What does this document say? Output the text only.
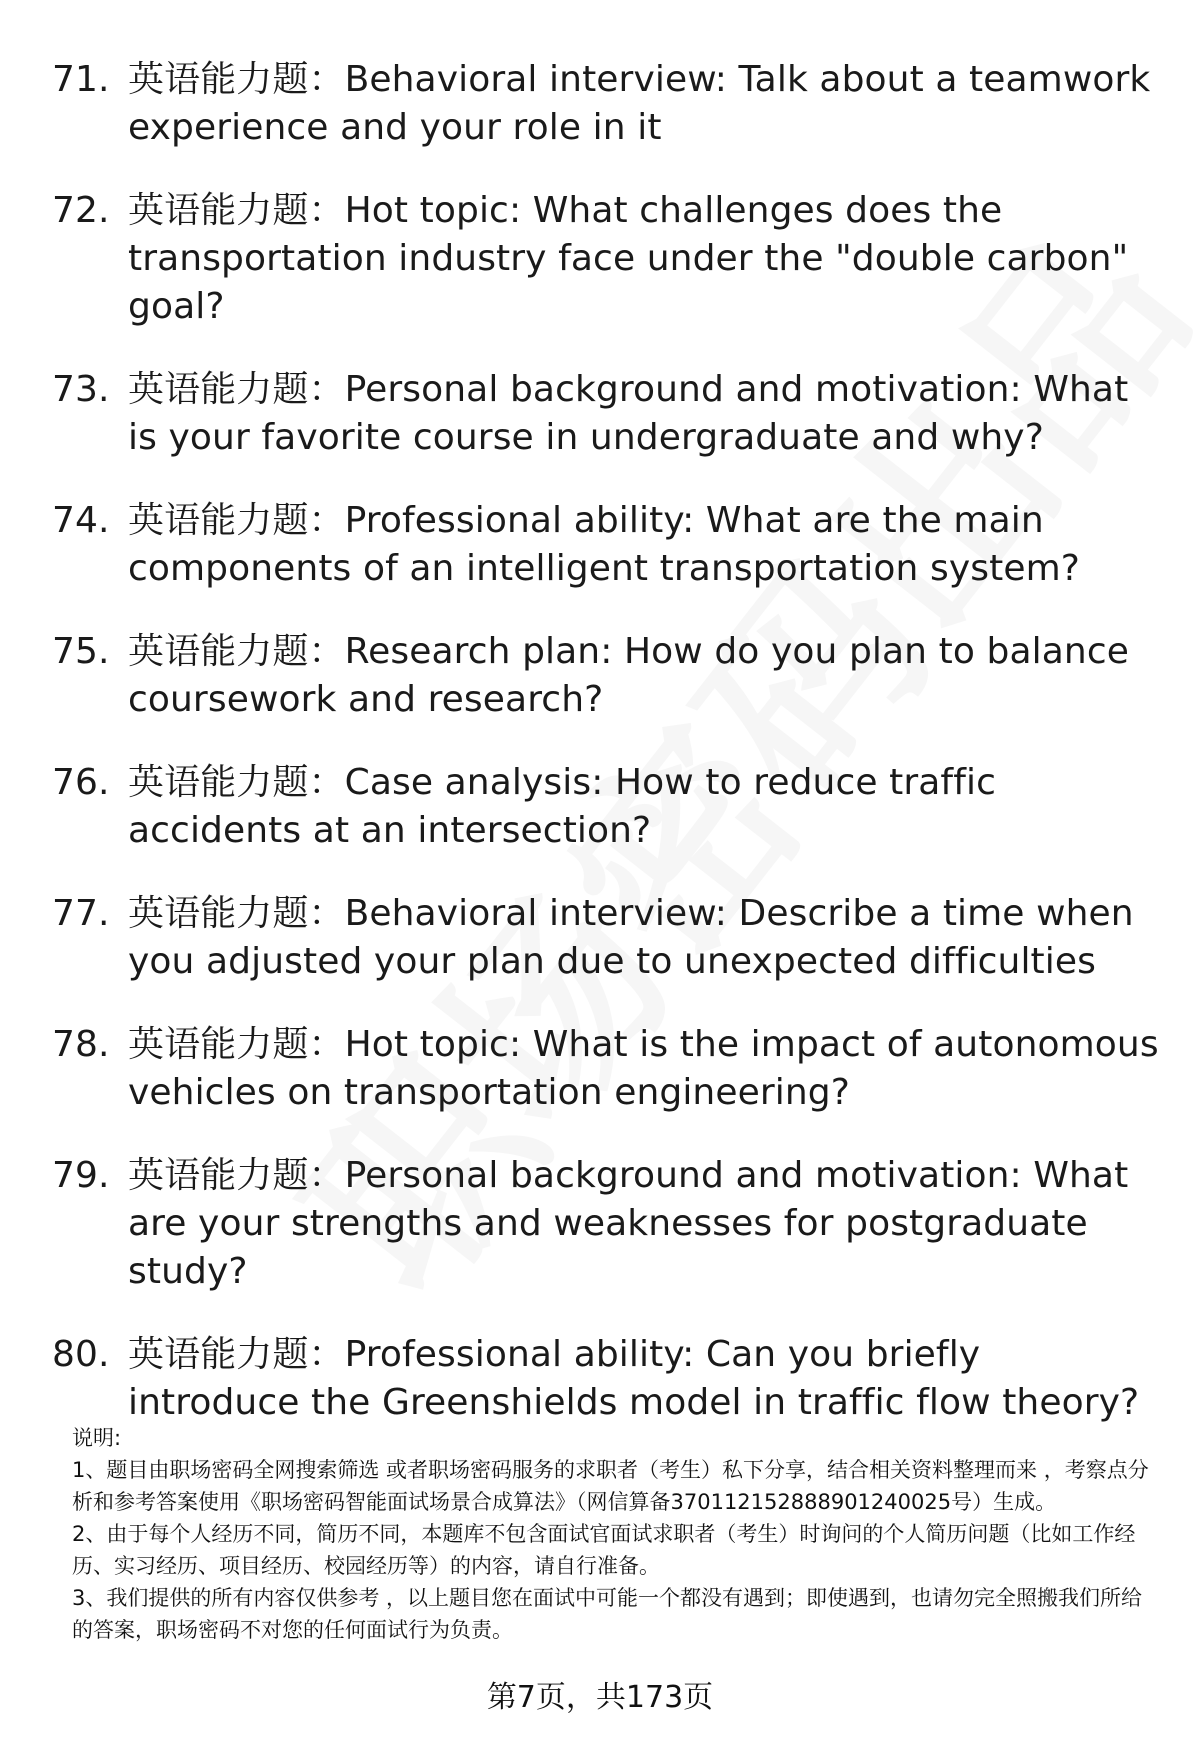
71. 英语能力题：Behavioral interview: Talk about a teamwork experience and your role in it
72. 英语能力题：Hot topic: What challenges does the transportation industry face under the "double carbon" goal?
73. 英语能力题：Personal background and motivation: What is your favorite course in undergraduate and why?
74. 英语能力题：Professional ability: What are the main components of an intelligent transportation system?
75. 英语能力题：Research plan: How do you plan to balance coursework and research?
76. 英语能力题：Case analysis: How to reduce traffic accidents at an intersection?
77. 英语能力题：Behavioral interview: Describe a time when you adjusted your plan due to unexpected difficulties
78. 英语能力题：Hot topic: What is the impact of autonomous vehicles on transportation engineering?
79. 英语能力题：Personal background and motivation: What are your strengths and weaknesses for postgraduate study?
80. 英语能力题：Professional ability: Can you briefly introduce the Greenshields model in traffic flow theory?

说明:

1、题目由职场密码全网搜索筛选 或者职场密码服务的求职者（考生）私下分享，结合相关资料整理而来 ，考察点分析和参考答案使用《职场密码智能面试场景合成算法》（网信算备370112152888901240025号）生成。

2、由于每个人经历不同，简历不同，本题库不包含面试官面试求职者（考生）时询问的个人简历问题（比如工作经历、实习经历、项目经历、校园经历等）的内容，请自行准备。

3、我们提供的所有内容仅供参考 ，以上题目您在面试中可能一个都没有遇到；即使遇到，也请勿完全照搬我们所给的答案，职场密码不对您的任何面试行为负责。

第7页，共173页
